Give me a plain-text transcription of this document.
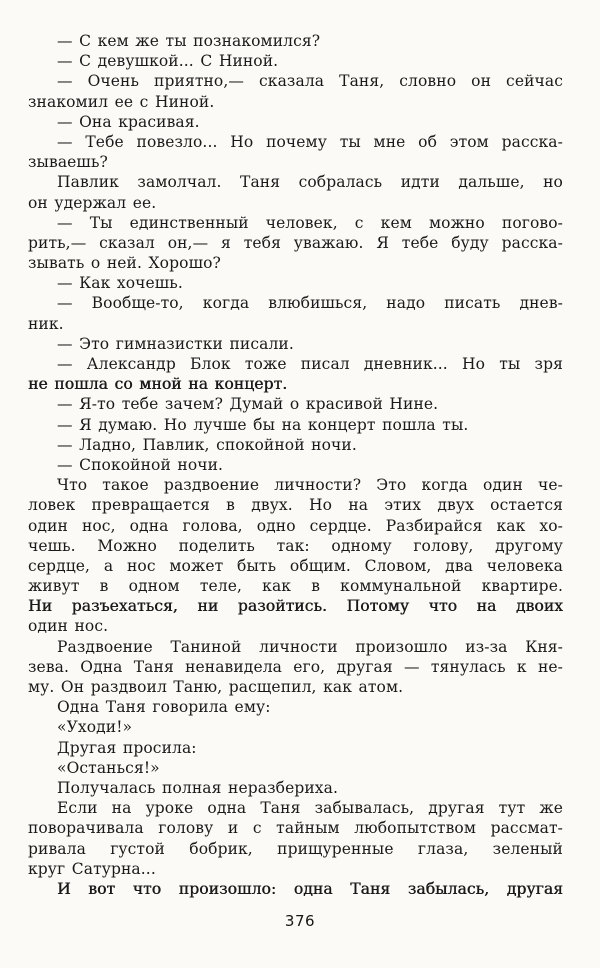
— С кем же ты познакомился?
— С девушкой... С Ниной.
— Очень приятно,— сказала Таня, словно он сейчас
знакомил ее с Ниной.
— Она красивая.
— Тебе повезло... Но почему ты мне об этом расска-
зываешь?
Павлик замолчал. Таня собралась идти дальше, но
он удержал ее.
— Ты единственный человек, с кем можно погово-
рить,— сказал он,— я тебя уважаю. Я тебе буду расска-
зывать о ней. Хорошо?
— Как хочешь.
— Вообще-то, когда влюбишься, надо писать днев-
ник.
— Это гимназистки писали.
— Александр Блок тоже писал дневник... Но ты зря
не пошла со мной на концерт.
— Я-то тебе зачем? Думай о красивой Нине.
— Я думаю. Но лучше бы на концерт пошла ты.
— Ладно, Павлик, спокойной ночи.
— Спокойной ночи.
Что такое раздвоение личности? Это когда один че-
ловек превращается в двух. Но на этих двух остается
один нос, одна голова, одно сердце. Разбирайся как хо-
чешь. Можно поделить так: одному голову, другому
сердце, а нос может быть общим. Словом, два человека
живут в одном теле, как в коммунальной квартире.
Ни разъехаться, ни разойтись. Потому что на двоих
один нос.
Раздвоение Таниной личности произошло из-за Кня-
зева. Одна Таня ненавидела его, другая — тянулась к не-
му. Он раздвоил Таню, расщепил, как атом.
Одна Таня говорила ему:
«Уходи!»
Другая просила:
«Останься!»
Получалась полная неразбериха.
Если на уроке одна Таня забывалась, другая тут же
поворачивала голову и с тайным любопытством рассмат-
ривала густой бобрик, прищуренные глаза, зеленый
круг Сатурна...
И вот что произошло: одна Таня забылась, другая
376
